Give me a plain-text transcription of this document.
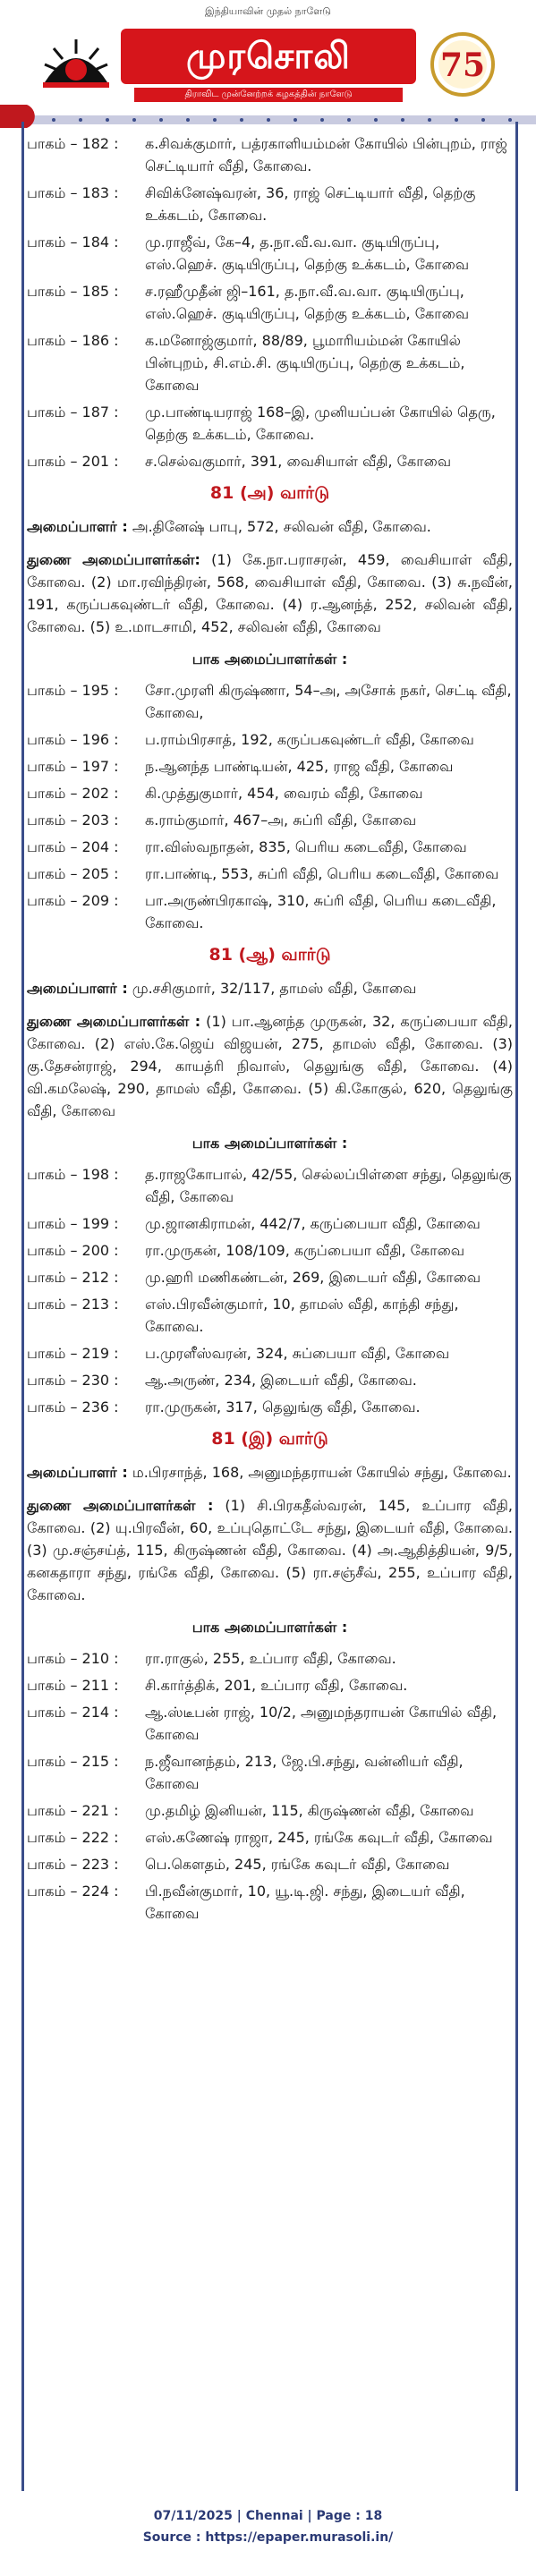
இந்தியாவின் முதல் நாளேடு
முரசொலி
திராவிட முன்னேற்றக் கழகத்தின் நாளேடு
75
பாகம் – 182 :	க.சிவக்குமார், பத்ரகாளியம்மன் கோயில் பின்புறம், ராஜ் செட்டியார் வீதி, கோவை.
பாகம் – 183 :	சிவிக்னேஷ்வரன், 36, ராஜ் செட்டியார் வீதி, தெற்கு உக்கடம், கோவை.
பாகம் – 184 :	மு.ராஜீவ், கே–4, த.நா.வீ.வ.வா. குடியிருப்பு, எஸ்.ஹெச். குடியிருப்பு, தெற்கு உக்கடம், கோவை
பாகம் – 185 :	ச.ரஹீமுதீன் ஜி–161, த.நா.வீ.வ.வா. குடியிருப்பு, எஸ்.ஹெச். குடியிருப்பு, தெற்கு உக்கடம், கோவை
பாகம் – 186 :	க.மனோஜ்குமார், 88/89, பூமாரியம்மன் கோயில் பின்புறம், சி.எம்.சி. குடியிருப்பு, தெற்கு உக்கடம், கோவை
பாகம் – 187 :	மு.பாண்டியராஜ் 168–இ, முனியப்பன் கோயில் தெரு, தெற்கு உக்கடம், கோவை.
பாகம் – 201 :	ச.செல்வகுமார், 391, வைசியாள் வீதி, கோவை
81 (அ) வார்டு
அமைப்பாளர் : அ.தினேஷ் பாபு, 572, சலிவன் வீதி, கோவை.
துணை அமைப்பாளர்கள்: (1) கே.நா.பராசரன், 459, வைசியாள் வீதி, கோவை. (2) மா.ரவிந்திரன், 568, வைசியாள் வீதி, கோவை. (3) சு.நவீன், 191, கருப்பகவுண்டர் வீதி, கோவை. (4) ர.ஆனந்த், 252, சலிவன் வீதி, கோவை. (5) உ.மாடசாமி, 452, சலிவன் வீதி, கோவை
பாக அமைப்பாளர்கள் :
பாகம் – 195 :	சோ.முரளி கிருஷ்ணா, 54–அ, அசோக் நகர், செட்டி வீதி, கோவை,
பாகம் – 196 :	ப.ராம்பிரசாத், 192, கருப்பகவுண்டர் வீதி, கோவை
பாகம் – 197 :	ந.ஆனந்த பாண்டியன், 425, ராஜ வீதி, கோவை
பாகம் – 202 :	கி.முத்துகுமார், 454, வைரம் வீதி, கோவை
பாகம் – 203 :	க.ராம்குமார், 467–அ, சுப்ரி வீதி, கோவை
பாகம் – 204 :	ரா.விஸ்வநாதன், 835, பெரிய கடைவீதி, கோவை
பாகம் – 205 :	ரா.பாண்டி, 553, சுப்ரி வீதி, பெரிய கடைவீதி, கோவை
பாகம் – 209 :	பா.அருண்பிரகாஷ், 310, சுப்ரி வீதி, பெரிய கடைவீதி, கோவை.
81 (ஆ) வார்டு
அமைப்பாளர் : மு.சசிகுமார், 32/117, தாமஸ் வீதி, கோவை
துணை அமைப்பாளர்கள் : (1) பா.ஆனந்த முருகன், 32, கருப்பையா வீதி, கோவை. (2) எஸ்.கே.ஜெய் விஜயன், 275, தாமஸ் வீதி, கோவை. (3) கு.தேசன்ராஜ், 294, காயத்ரி நிவாஸ், தெலுங்கு வீதி, கோவை. (4) வி.கமலேஷ், 290, தாமஸ் வீதி, கோவை. (5) கி.கோகுல், 620, தெலுங்கு வீதி, கோவை
பாக அமைப்பாளர்கள் :
பாகம் – 198 :	த.ராஜகோபால், 42/55, செல்லப்பிள்ளை சந்து, தெலுங்கு வீதி, கோவை
பாகம் – 199 :	மு.ஜானகிராமன், 442/7, கருப்பையா வீதி, கோவை
பாகம் – 200 :	ரா.முருகன், 108/109, கருப்பையா வீதி, கோவை
பாகம் – 212 :	மு.ஹரி மணிகண்டன், 269, இடையர் வீதி, கோவை
பாகம் – 213 :	எஸ்.பிரவீன்குமார், 10, தாமஸ் வீதி, காந்தி சந்து, கோவை.
பாகம் – 219 :	ப.முரளீஸ்வரன், 324, சுப்பையா வீதி, கோவை
பாகம் – 230 :	ஆ.அருண், 234, இடையர் வீதி, கோவை.
பாகம் – 236 :	ரா.முருகன், 317, தெலுங்கு வீதி, கோவை.
81 (இ) வார்டு
அமைப்பாளர் : ம.பிரசாந்த், 168, அனுமந்தராயன் கோயில் சந்து, கோவை.
துணை அமைப்பாளர்கள் : (1) சி.பிரகதீஸ்வரன், 145, உப்பார வீதி, கோவை. (2) யு.பிரவீன், 60, உப்புதொட்டே சந்து, இடையர் வீதி, கோவை. (3) மு.சஞ்சய்த், 115, கிருஷ்ணன் வீதி, கோவை. (4) அ.ஆதித்தியன், 9/5, கனகதாரா சந்து, ரங்கே வீதி, கோவை. (5) ரா.சஞ்சீவ், 255, உப்பார வீதி, கோவை.
பாக அமைப்பாளர்கள் :
பாகம் – 210 :	ரா.ராகுல், 255, உப்பார வீதி, கோவை.
பாகம் – 211 :	சி.கார்த்திக், 201, உப்பார வீதி, கோவை.
பாகம் – 214 :	ஆ.ஸ்டீபன் ராஜ், 10/2, அனுமந்தராயன் கோயில் வீதி, கோவை
பாகம் – 215 :	ந.ஜீவானந்தம், 213, ஜே.பி.சந்து, வன்னியர் வீதி, கோவை
பாகம் – 221 :	மு.தமிழ் இனியன், 115, கிருஷ்ணன் வீதி, கோவை
பாகம் – 222 :	எஸ்.கணேஷ் ராஜா, 245, ரங்கே கவுடர் வீதி, கோவை
பாகம் – 223 :	பெ.கௌதம், 245, ரங்கே கவுடர் வீதி, கோவை
பாகம் – 224 :	பி.நவீன்குமார், 10, யூ.டி.ஜி. சந்து, இடையர் வீதி, கோவை
07/11/2025 | Chennai | Page : 18
Source : https://epaper.murasoli.in/
